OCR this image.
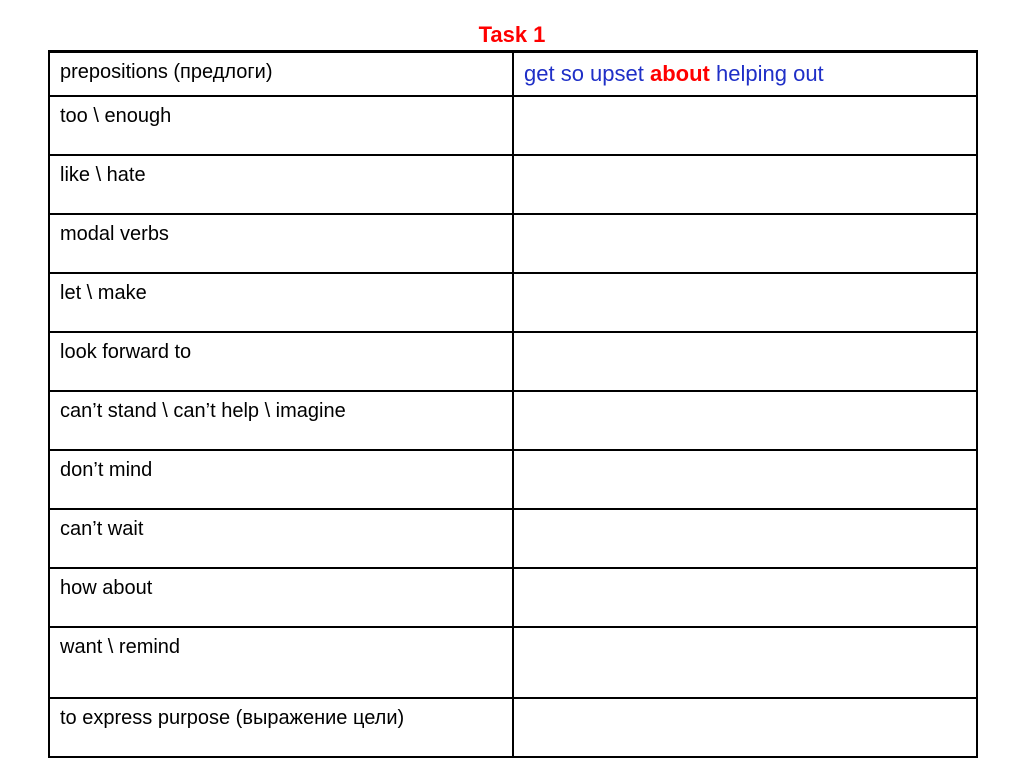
Task 1
prepositions (предлоги)	get so upset about helping out
too \ enough	
like \ hate	
modal verbs	
let \ make	
look forward to	
can’t stand \ can’t help \ imagine	
don’t mind	
can’t wait	
how about	
want \ remind	
to express purpose (выражение цели)	
